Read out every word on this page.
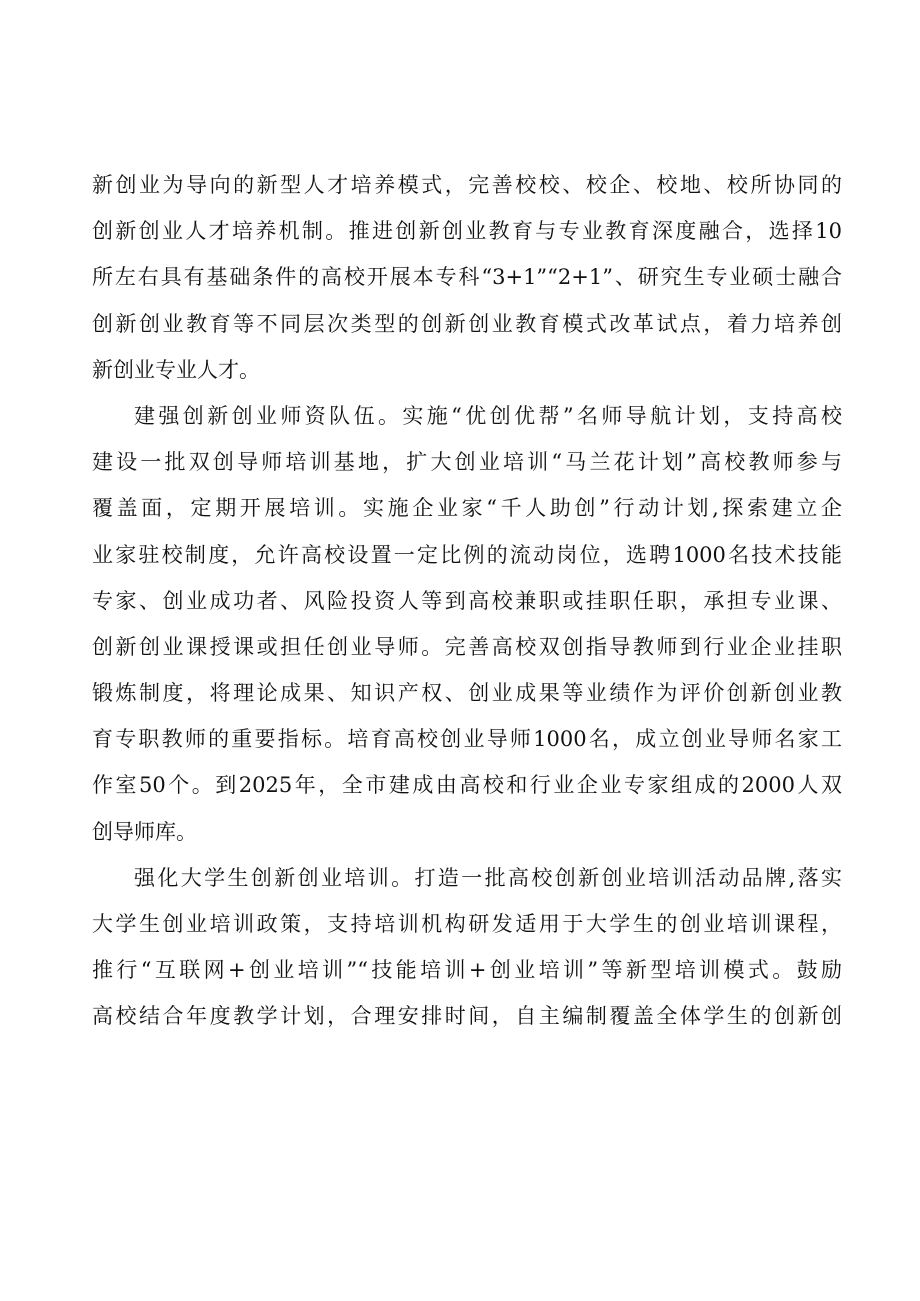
新创业为导向的新型人才培养模式，完善校校、校企、校地、校所协同的
创新创业人才培养机制。推进创新创业教育与专业教育深度融合，选择10
所左右具有基础条件的高校开展本专科“3+1”“2+1”、研究生专业硕士融合
创新创业教育等不同层次类型的创新创业教育模式改革试点，着力培养创
新创业专业人才。
建强创新创业师资队伍。实施“优创优帮”名师导航计划，支持高校
建设一批双创导师培训基地，扩大创业培训“马兰花计划”高校教师参与
覆盖面，定期开展培训。实施企业家“千人助创”行动计划,探索建立企
业家驻校制度，允许高校设置一定比例的流动岗位，选聘1000名技术技能
专家、创业成功者、风险投资人等到高校兼职或挂职任职，承担专业课、
创新创业课授课或担任创业导师。完善高校双创指导教师到行业企业挂职
锻炼制度，将理论成果、知识产权、创业成果等业绩作为评价创新创业教
育专职教师的重要指标。培育高校创业导师1000名，成立创业导师名家工
作室50个。到2025年，全市建成由高校和行业企业专家组成的2000人双
创导师库。
强化大学生创新创业培训。打造一批高校创新创业培训活动品牌,落实
大学生创业培训政策，支持培训机构研发适用于大学生的创业培训课程，
推行“互联网+创业培训”“技能培训+创业培训”等新型培训模式。鼓励
高校结合年度教学计划，合理安排时间，自主编制覆盖全体学生的创新创
